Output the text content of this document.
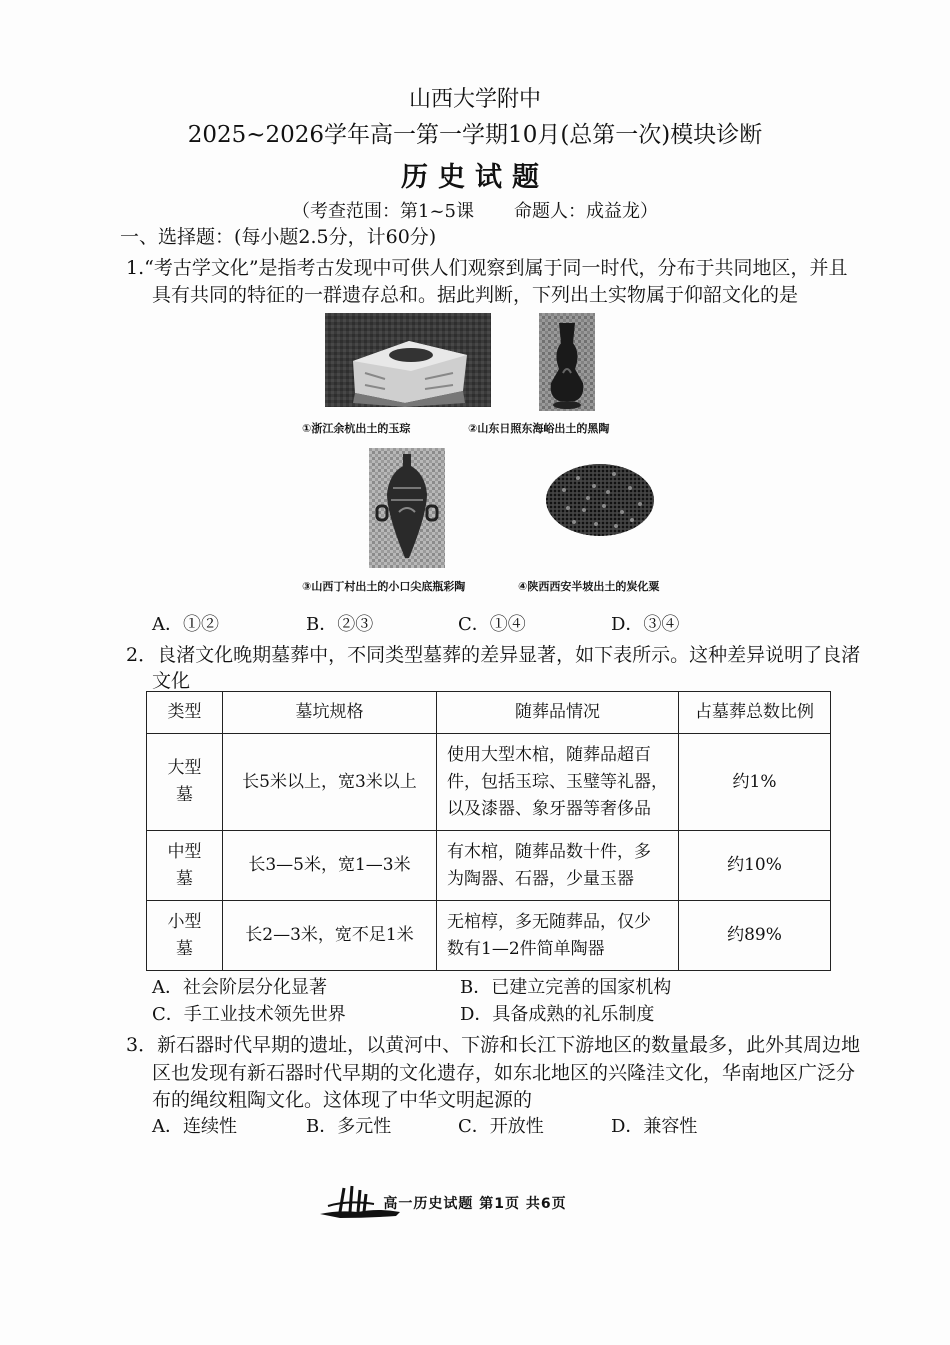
山西大学附中
2025~2026学年高一第一学期10月(总第一次)模块诊断
历史试题
（考查范围：第1~5课 命题人：成益龙）
一、选择题：(每小题2.5分，计60分)
1.“考古学文化”是指考古发现中可供人们观察到属于同一时代，分布于共同地区，并且
具有共同的特征的一群遗存总和。据此判断，下列出土实物属于仰韶文化的是
①浙江余杭出土的玉琮	②山东日照东海峪出土的黑陶
③山西丁村出土的小口尖底瓶彩陶	④陕西西安半坡出土的炭化粟
A．①②	B．②③	C．①④	D．③④
2．良渚文化晚期墓葬中，不同类型墓葬的差异显著，如下表所示。这种差异说明了良渚
文化
类型	墓坑规格	随葬品情况	占墓葬总数比例
大型
墓	长5米以上，宽3米以上	使用大型木棺，随葬品超百
件，包括玉琮、玉璧等礼器，
以及漆器、象牙器等奢侈品	约1%
中型
墓	长3—5米，宽1—3米	有木棺，随葬品数十件，多
为陶器、石器，少量玉器	约10%
小型
墓	长2—3米，宽不足1米	无棺椁，多无随葬品，仅少
数有1—2件简单陶器	约89%
A．社会阶层分化显著	B．已建立完善的国家机构
C．手工业技术领先世界	D．具备成熟的礼乐制度
3．新石器时代早期的遗址，以黄河中、下游和长江下游地区的数量最多，此外其周边地
区也发现有新石器时代早期的文化遗存，如东北地区的兴隆洼文化，华南地区广泛分
布的绳纹粗陶文化。这体现了中华文明起源的
A．连续性	B．多元性	C．开放性	D．兼容性
高一历史试题 第1页 共6页
